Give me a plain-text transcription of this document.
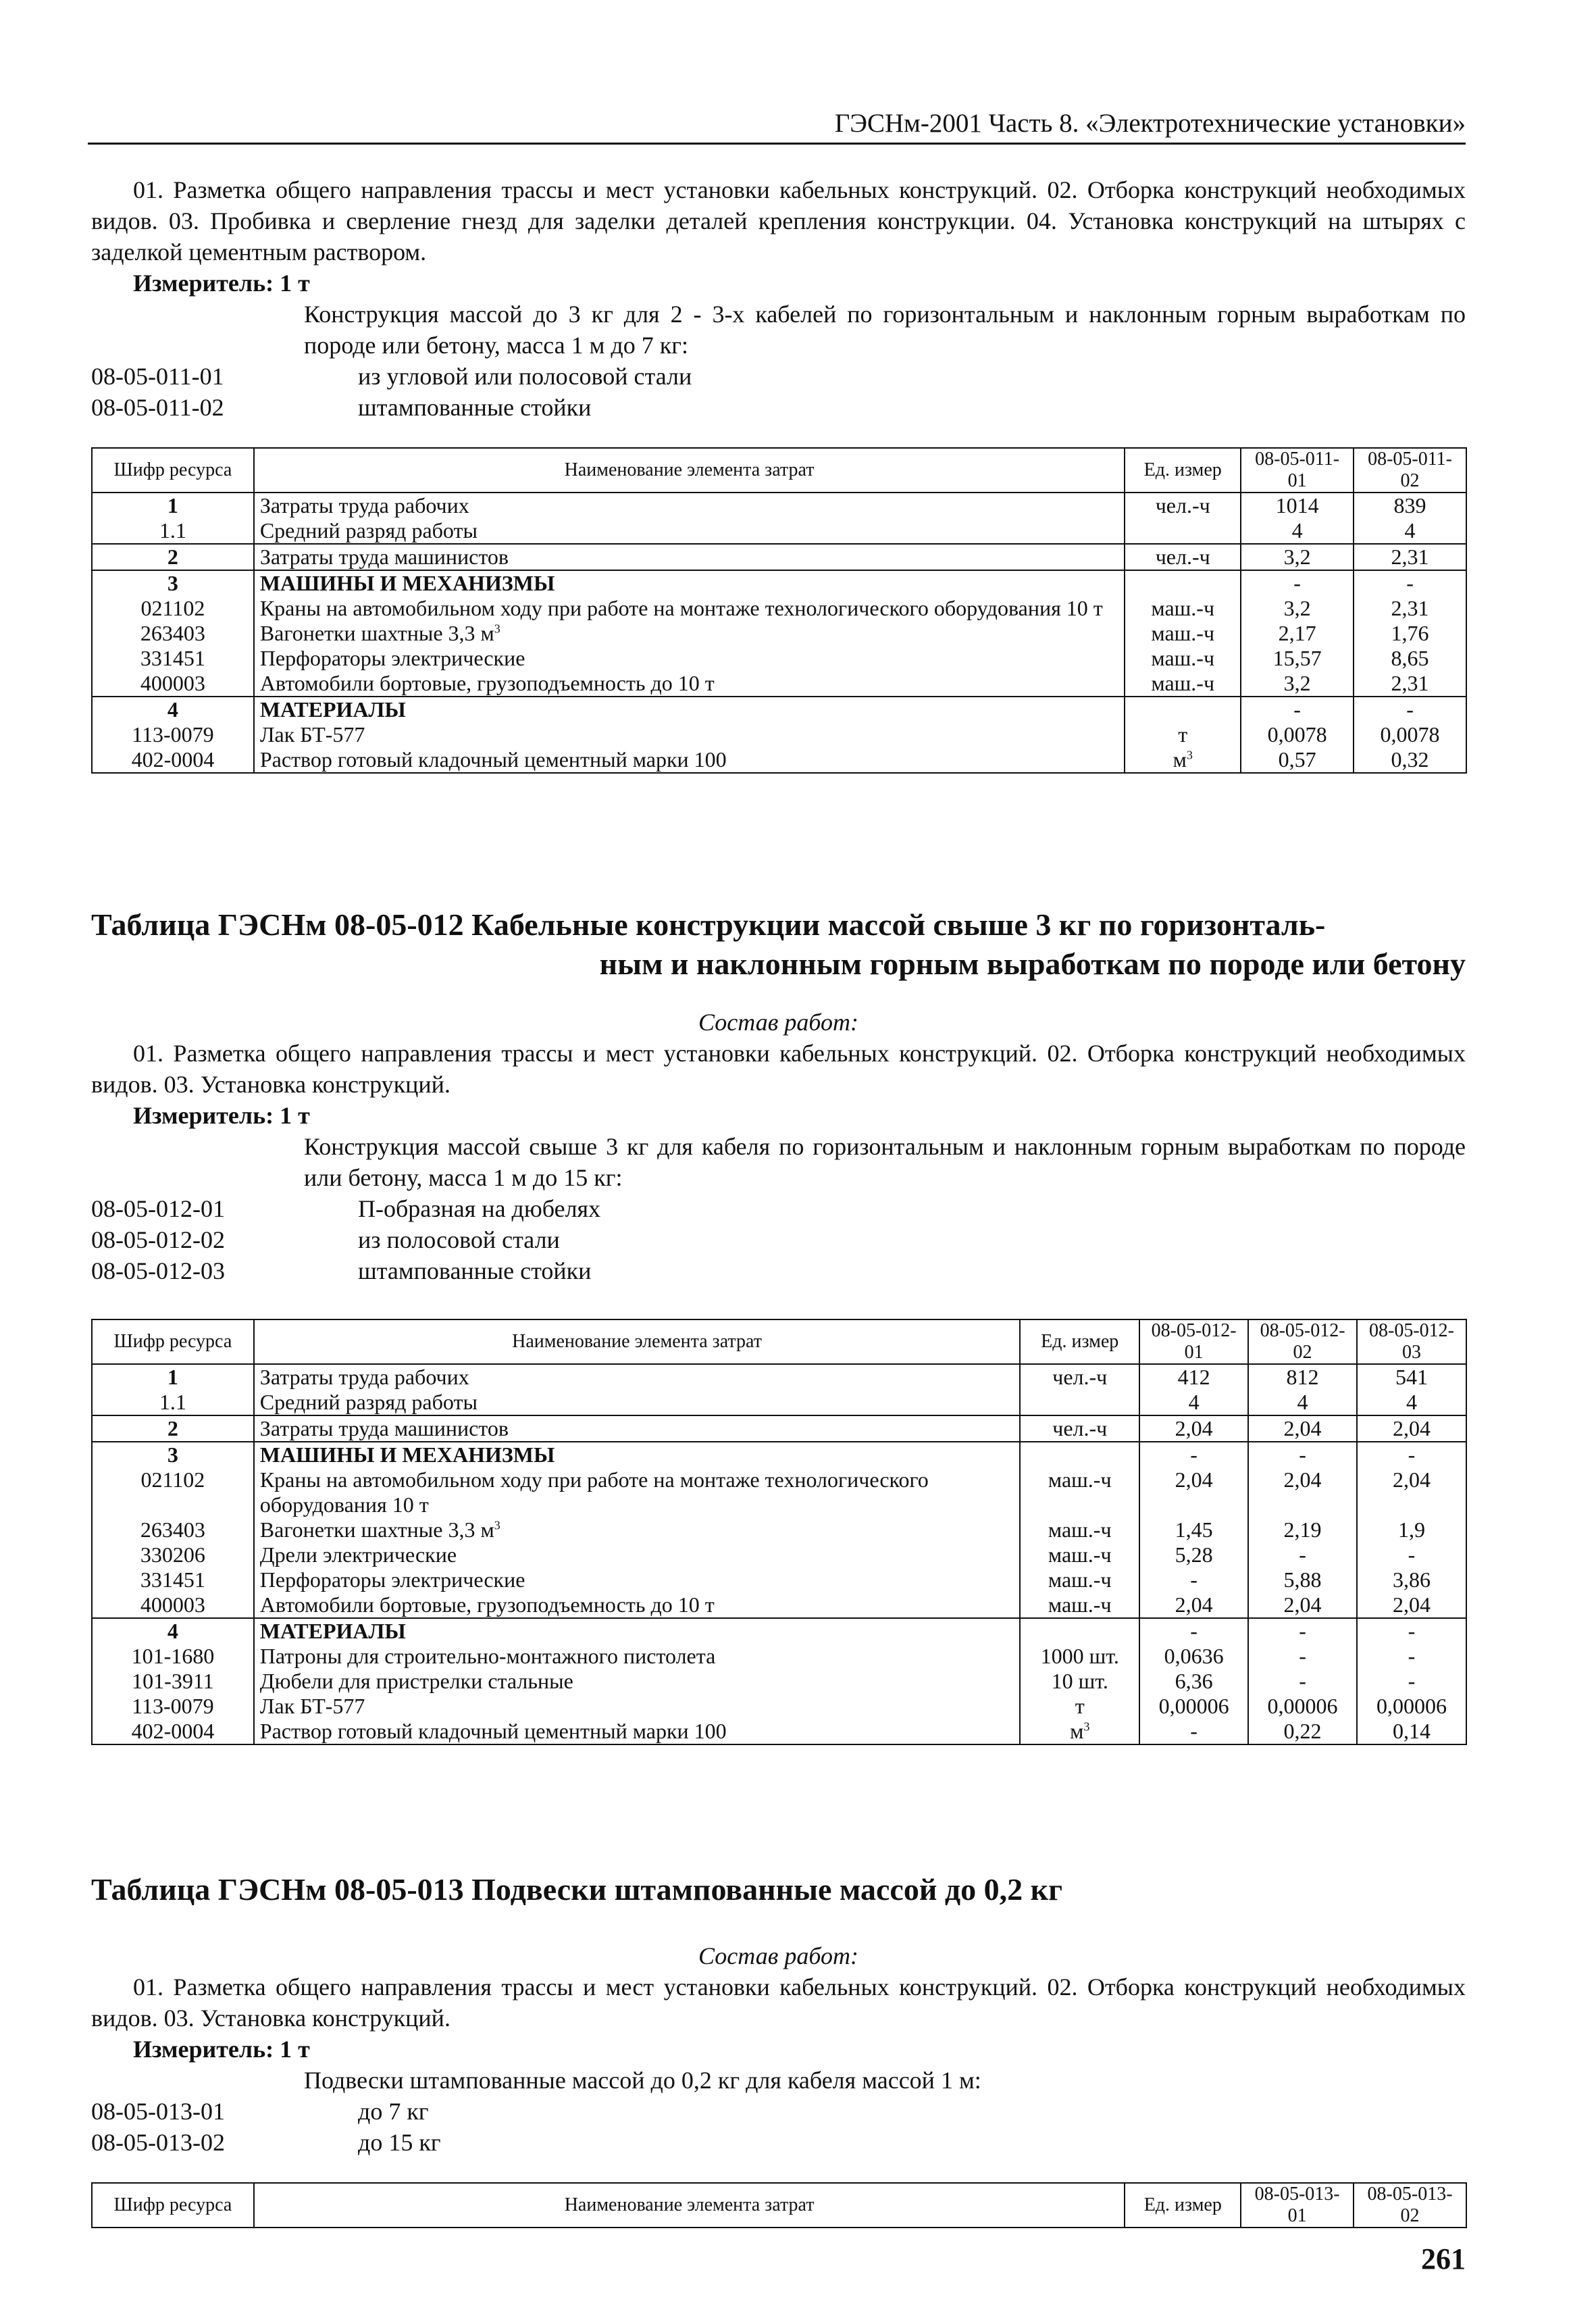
ГЭСНм-2001 Часть 8. «Электротехнические установки»

01. Разметка общего направления трассы и мест установки кабельных конструкций. 02. Отборка конструкций необходимых видов. 03. Пробивка и сверление гнезд для заделки деталей крепления конструкции. 04. Установка конструкций на штырях с заделкой цементным раствором.

Измеритель: 1 т

Конструкция массой до 3 кг для 2 - 3-х кабелей по горизонтальным и наклонным горным выработкам по породе или бетону, масса 1 м до 7 кг:

08-05-011-01	из угловой или полосовой стали
08-05-011-02	штампованные стойки
Шифр ресурса	Наименование элемента затрат	Ед. измер	08-05-011-01	08-05-011-02
1	Затраты труда рабочих	чел.-ч	1014	839
1.1	Средний разряд работы		4	4
2	Затраты труда машинистов	чел.-ч	3,2	2,31
3	МАШИНЫ И МЕХАНИЗМЫ		-	-
021102	Краны на автомобильном ходу при работе на монтаже технологического оборудования 10 т	маш.-ч	3,2	2,31
263403	Вагонетки шахтные 3,3 $м^3$	маш.-ч	2,17	1,76
331451	Перфораторы электрические	маш.-ч	15,57	8,65
400003	Автомобили бортовые, грузоподъемность до 10 т	маш.-ч	3,2	2,31
4	МАТЕРИАЛЫ		-	-
113-0079	Лак БТ-577	т	0,0078	0,0078
402-0004	Раствор готовый кладочный цементный марки 100	$м^3$	0,57	0,32
Таблица ГЭСНм 08-05-012 Кабельные конструкции массой свыше 3 кг по горизонталь-
ным и наклонным горным выработкам по породе или бетону

Состав работ:

01. Разметка общего направления трассы и мест установки кабельных конструкций. 02. Отборка конструкций необходимых видов. 03. Установка конструкций.

Измеритель: 1 т

Конструкция массой свыше 3 кг для кабеля по горизонтальным и наклонным горным выработкам по породе или бетону, масса 1 м до 15 кг:

08-05-012-01	П-образная на дюбелях
08-05-012-02	из полосовой стали
08-05-012-03	штампованные стойки
Шифр ресурса	Наименование элемента затрат	Ед. измер	08-05-012-01	08-05-012-02	08-05-012-03
1	Затраты труда рабочих	чел.-ч	412	812	541
1.1	Средний разряд работы		4	4	4
2	Затраты труда машинистов	чел.-ч	2,04	2,04	2,04
3	МАШИНЫ И МЕХАНИЗМЫ		-	-	-
021102	Краны на автомобильном ходу при работе на монтаже технологического оборудования 10 т	маш.-ч	2,04	2,04	2,04
263403	Вагонетки шахтные 3,3 $м^3$	маш.-ч	1,45	2,19	1,9
330206	Дрели электрические	маш.-ч	5,28	-	-
331451	Перфораторы электрические	маш.-ч	-	5,88	3,86
400003	Автомобили бортовые, грузоподъемность до 10 т	маш.-ч	2,04	2,04	2,04
4	МАТЕРИАЛЫ		-	-	-
101-1680	Патроны для строительно-монтажного пистолета	1000 шт.	0,0636	-	-
101-3911	Дюбели для пристрелки стальные	10 шт.	6,36	-	-
113-0079	Лак БТ-577	т	0,00006	0,00006	0,00006
402-0004	Раствор готовый кладочный цементный марки 100	$м^3$	-	0,22	0,14
Таблица ГЭСНм 08-05-013 Подвески штампованные массой до 0,2 кг

Состав работ:

01. Разметка общего направления трассы и мест установки кабельных конструкций. 02. Отборка конструкций необходимых видов. 03. Установка конструкций.

Измеритель: 1 т

Подвески штампованные массой до 0,2 кг для кабеля массой 1 м:

08-05-013-01	до 7 кг
08-05-013-02	до 15 кг
Шифр ресурса	Наименование элемента затрат	Ед. измер	08-05-013-01	08-05-013-02
261
